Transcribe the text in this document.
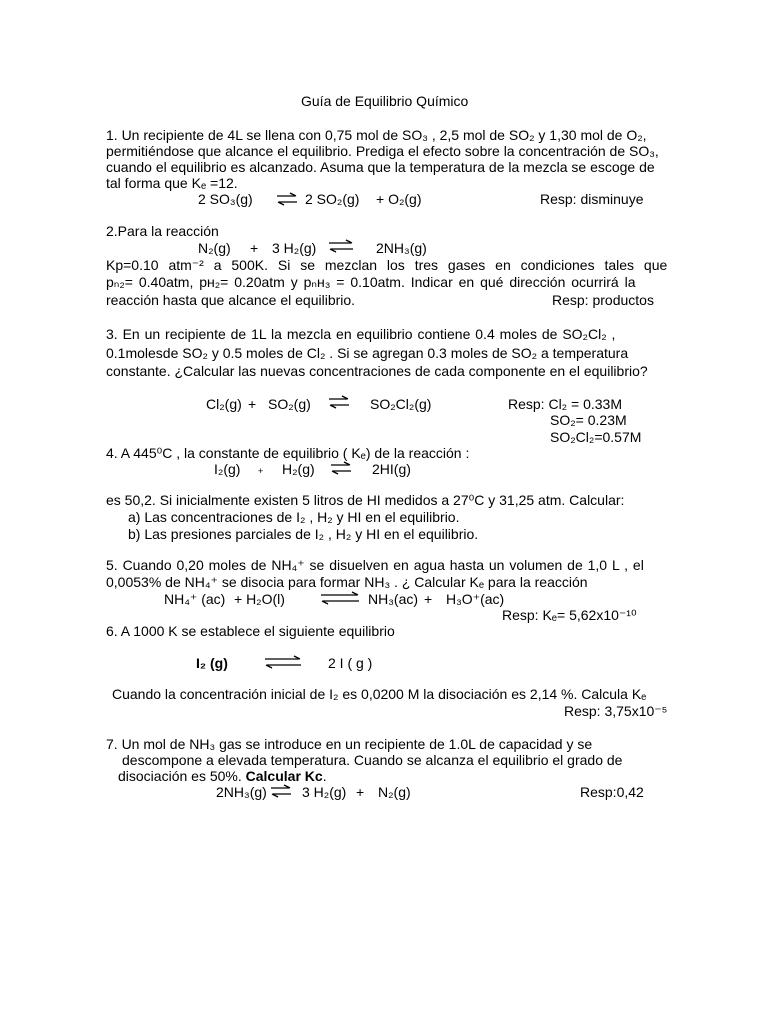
Guía de Equilibrio Químico
1. Un recipiente de 4L se llena con 0,75 mol de SO₃ , 2,5 mol de SO₂ y 1,30 mol de O₂,
permitiéndose que alcance el equilibrio. Prediga el efecto sobre la concentración de SO₃,
cuando el equilibrio es alcanzado. Asuma que la temperatura de la mezcla se escoge de
tal forma que Kₑ =12.
2 SO₃(g) ⇌ 2 SO₂(g) + O₂(g)	Resp: disminuye
2.Para la reacción
N₂(g) + 3 H₂(g) ⇌ 2NH₃(g)
Kp=0.10 atm⁻² a 500K. Si se mezclan los tres gases en condiciones tales que
pₙ₂= 0.40atm, pʜ₂= 0.20atm y pₙʜ₃ = 0.10atm. Indicar en qué dirección ocurrirá la
reacción hasta que alcance el equilibrio.	Resp: productos
3. En un recipiente de 1L la mezcla en equilibrio contiene 0.4 moles de SO₂Cl₂ ,
0.1molesde SO₂ y 0.5 moles de Cl₂ . Si se agregan 0.3 moles de SO₂ a temperatura
constante. ¿Calcular las nuevas concentraciones de cada componente en el equilibrio?
Cl₂(g) + SO₂(g) ⇌ SO₂Cl₂(g)	Resp: Cl₂ = 0.33M
SO₂= 0.23M
SO₂Cl₂=0.57M
4. A 445⁰C , la constante de equilibrio ( Kₑ) de la reacción :
I₂(g) + H₂(g) ⇌ 2HI(g)
es 50,2. Si inicialmente existen 5 litros de HI medidos a 27⁰C y 31,25 atm. Calcular:
a) Las concentraciones de I₂ , H₂ y HI en el equilibrio.
b) Las presiones parciales de I₂ , H₂ y HI en el equilibrio.
5. Cuando 0,20 moles de NH₄⁺ se disuelven en agua hasta un volumen de 1,0 L , el
0,0053% de NH₄⁺ se disocia para formar NH₃ . ¿ Calcular Kₑ para la reacción
NH₄⁺ (ac) + H₂O(l)	⇌ NH₃(ac) + H₃O⁺(ac)
Resp: Kₑ= 5,62x10⁻¹⁰
6. A 1000 K se establece el siguiente equilibrio
I₂ (g)	2 I ( g )
Cuando la concentración inicial de I₂ es 0,0200 M la disociación es 2,14 %. Calcula Kₑ
Resp: 3,75x10⁻⁵
7. Un mol de NH₃ gas se introduce en un recipiente de 1.0L de capacidad y se
descompone a elevada temperatura. Cuando se alcanza el equilibrio el grado de
disociación es 50%. Calcular Kc.
2NH₃(g) ⇌ 3 H₂(g) + N₂(g)	Resp:0,42
